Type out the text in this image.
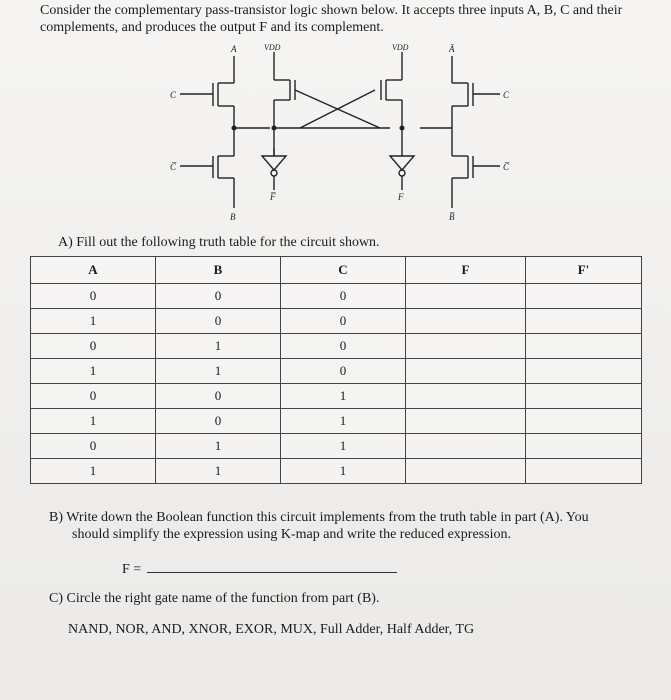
Consider the complementary pass-transistor logic shown below. It accepts three inputs A, B, C and their
complements, and produces the output F and its complement.
A	VDD	VDD	Ā
C
C̅
C
C̅
F̅	F
B	B̅
A) Fill out the following truth table for the circuit shown.
A	B	C	F	F'
0	0	0		
1	0	0		
0	1	0		
1	1	0		
0	0	1		
1	0	1		
0	1	1		
1	1	1		
B) Write down the Boolean function this circuit implements from the truth table in part (A). You
should simplify the expression using K-map and write the reduced expression.
F =
C) Circle the right gate name of the function from part (B).
NAND, NOR, AND, XNOR, EXOR, MUX, Full Adder, Half Adder, TG
